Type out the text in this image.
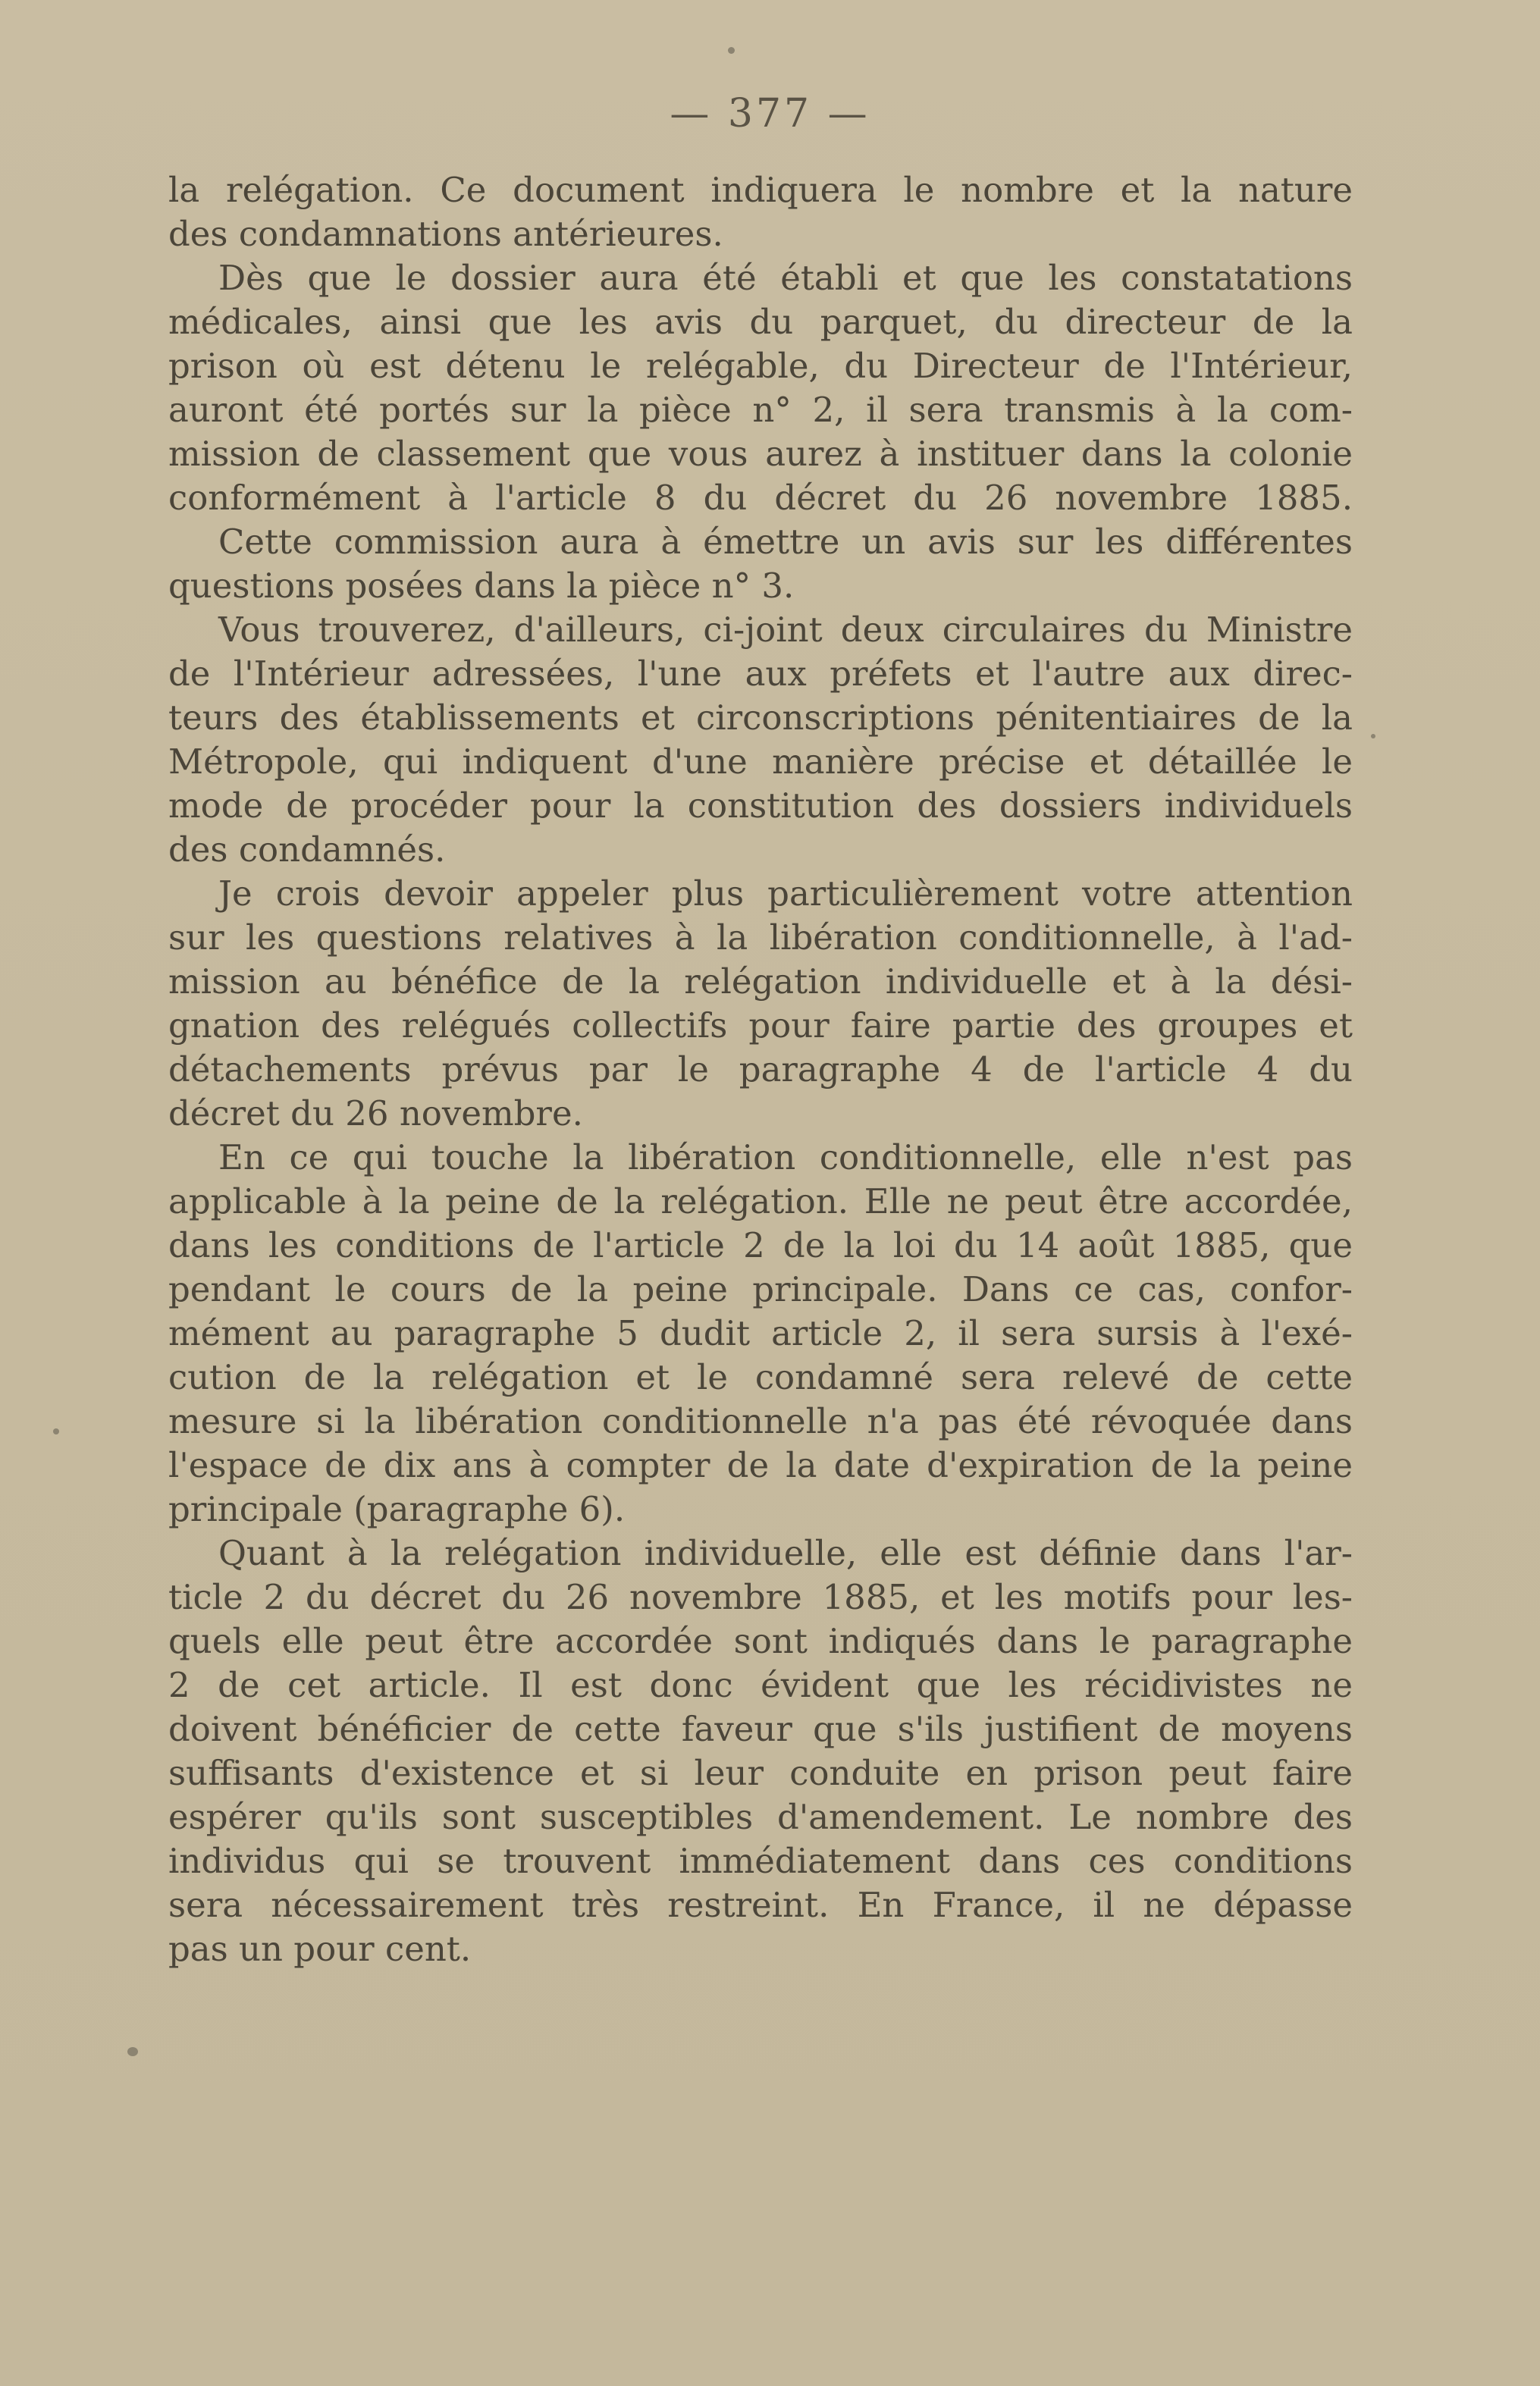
— 377 —
la relégation. Ce document indiquera le nombre et la nature
des condamnations antérieures.
Dès que le dossier aura été établi et que les constatations
médicales, ainsi que les avis du parquet, du directeur de la
prison où est détenu le relégable, du Directeur de l'Intérieur,
auront été portés sur la pièce n° 2, il sera transmis à la com-
mission de classement que vous aurez à instituer dans la colonie
conformément à l'article 8 du décret du 26 novembre 1885.
Cette commission aura à émettre un avis sur les différentes
questions posées dans la pièce n° 3.
Vous trouverez, d'ailleurs, ci-joint deux circulaires du Ministre
de l'Intérieur adressées, l'une aux préfets et l'autre aux direc-
teurs des établissements et circonscriptions pénitentiaires de la
Métropole, qui indiquent d'une manière précise et détaillée le
mode de procéder pour la constitution des dossiers individuels
des condamnés.
Je crois devoir appeler plus particulièrement votre attention
sur les questions relatives à la libération conditionnelle, à l'ad-
mission au bénéfice de la relégation individuelle et à la dési-
gnation des relégués collectifs pour faire partie des groupes et
détachements prévus par le paragraphe 4 de l'article 4 du
décret du 26 novembre.
En ce qui touche la libération conditionnelle, elle n'est pas
applicable à la peine de la relégation. Elle ne peut être accordée,
dans les conditions de l'article 2 de la loi du 14 août 1885, que
pendant le cours de la peine principale. Dans ce cas, confor-
mément au paragraphe 5 dudit article 2, il sera sursis à l'exé-
cution de la relégation et le condamné sera relevé de cette
mesure si la libération conditionnelle n'a pas été révoquée dans
l'espace de dix ans à compter de la date d'expiration de la peine
principale (paragraphe 6).
Quant à la relégation individuelle, elle est définie dans l'ar-
ticle 2 du décret du 26 novembre 1885, et les motifs pour les-
quels elle peut être accordée sont indiqués dans le paragraphe
2 de cet article. Il est donc évident que les récidivistes ne
doivent bénéficier de cette faveur que s'ils justifient de moyens
suffisants d'existence et si leur conduite en prison peut faire
espérer qu'ils sont susceptibles d'amendement. Le nombre des
individus qui se trouvent immédiatement dans ces conditions
sera nécessairement très restreint. En France, il ne dépasse
pas un pour cent.
